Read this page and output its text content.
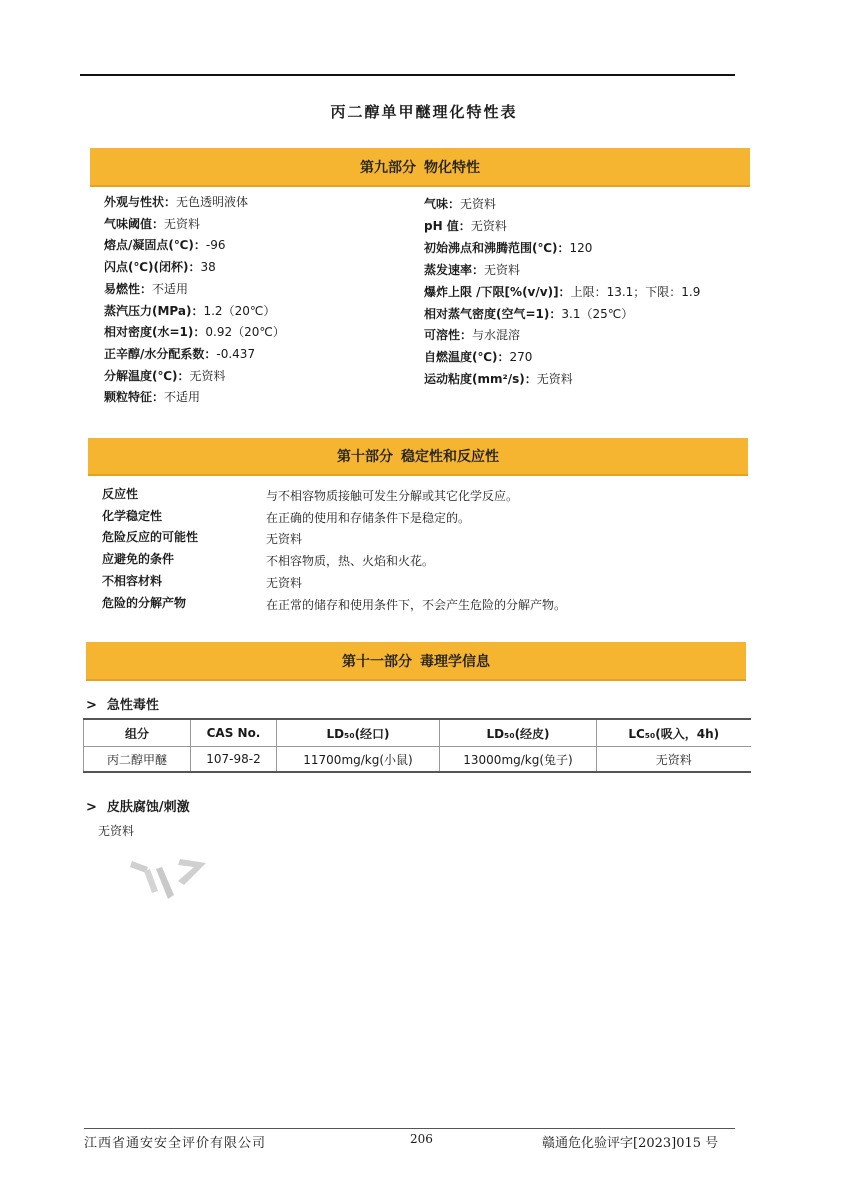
丙二醇单甲醚理化特性表
第九部分 物化特性
外观与性状：无色透明液体
气味阈值：无资料
熔点/凝固点(℃)：-96
闪点(℃)(闭杯)：38
易燃性：不适用
蒸汽压力(MPa)：1.2（20℃）
相对密度(水=1)：0.92（20℃）
正辛醇/水分配系数：-0.437
分解温度(℃)：无资料
颗粒特征：不适用
气味：无资料
pH 值：无资料
初始沸点和沸腾范围(℃)：120
蒸发速率：无资料
爆炸上限 /下限[%(v/v)]：上限：13.1；下限：1.9
相对蒸气密度(空气=1)：3.1（25℃）
可溶性：与水混溶
自燃温度(℃)：270
运动粘度(mm²/s)：无资料
第十部分 稳定性和反应性
反应性	与不相容物质接触可发生分解或其它化学反应。
化学稳定性	在正确的使用和存储条件下是稳定的。
危险反应的可能性	无资料
应避免的条件	不相容物质，热、火焰和火花。
不相容材料	无资料
危险的分解产物	在正常的储存和使用条件下，不会产生危险的分解产物。
第十一部分 毒理学信息
> 急性毒性
组分	CAS No.	LD₅₀(经口)	LD₅₀(经皮)	LC₅₀(吸入，4h)
丙二醇甲醚	107-98-2	11700mg/kg(小鼠)	13000mg/kg(兔子)	无资料
> 皮肤腐蚀/刺激
无资料
江西省通安安全评价有限公司	206	赣通危化验评字[2023]015 号
